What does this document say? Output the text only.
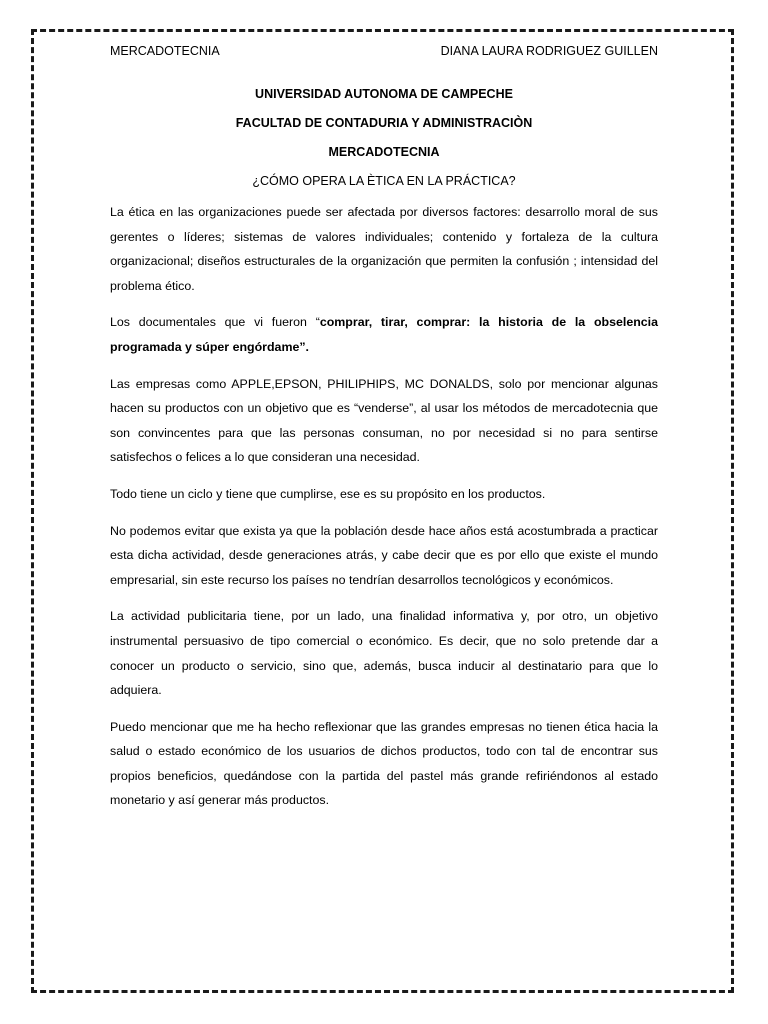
MERCADOTECNIA	DIANA LAURA RODRIGUEZ GUILLEN
UNIVERSIDAD AUTONOMA DE CAMPECHE
FACULTAD DE CONTADURIA Y ADMINISTRACIÒN
MERCADOTECNIA
¿CÓMO OPERA LA ÈTICA EN LA PRÁCTICA?

La ética en las organizaciones puede ser afectada por diversos factores: desarrollo moral de sus gerentes o líderes; sistemas de valores individuales; contenido y fortaleza de la cultura organizacional; diseños estructurales de la organización que permiten la confusión ; intensidad del problema ético.

Los documentales que vi fueron “comprar, tirar, comprar: la historia de la obselencia programada y súper engórdame”.

Las empresas como APPLE,EPSON, PHILIPHIPS, MC DONALDS, solo por mencionar algunas hacen su productos con un objetivo que es “venderse”, al usar los métodos de mercadotecnia que son convincentes para que las personas consuman, no por necesidad si no para sentirse satisfechos o felices a lo que consideran una necesidad.

Todo tiene un ciclo y tiene que cumplirse, ese es su propósito en los productos.

No podemos evitar que exista ya que la población desde hace años está acostumbrada a practicar esta dicha actividad, desde generaciones atrás, y cabe decir que es por ello que existe el mundo empresarial, sin este recurso los países no tendrían desarrollos tecnológicos y económicos.

La actividad publicitaria tiene, por un lado, una finalidad informativa y, por otro, un objetivo instrumental persuasivo de tipo comercial o económico. Es decir, que no solo pretende dar a conocer un producto o servicio, sino que, además, busca inducir al destinatario para que lo adquiera.

Puedo mencionar que me ha hecho reflexionar que las grandes empresas no tienen ética hacia la salud o estado económico de los usuarios de dichos productos, todo con tal de encontrar sus propios beneficios, quedándose con la partida del pastel más grande refiriéndonos al estado monetario y así generar más productos.
